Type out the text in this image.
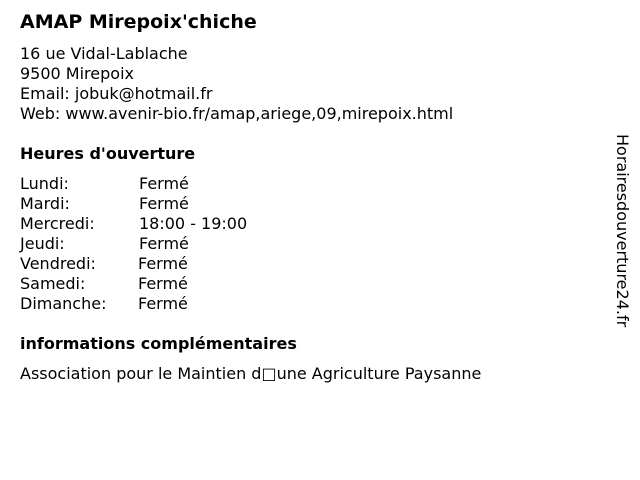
AMAP Mirepoix'chiche
16 ue Vidal-Lablache
9500 Mirepoix
Email: jobuk@hotmail.fr
Web: www.avenir-bio.fr/amap,ariege,09,mirepoix.html
Heures d'ouverture
Lundi:	Fermé
Mardi:	Fermé
Mercredi:	18:00 - 19:00
Jeudi:	Fermé
Vendredi:	Fermé
Samedi:	Fermé
Dimanche: Fermé
informations complémentaires
Association pour le Maintien d□une Agriculture Paysanne
Horairesdouverture24.fr
